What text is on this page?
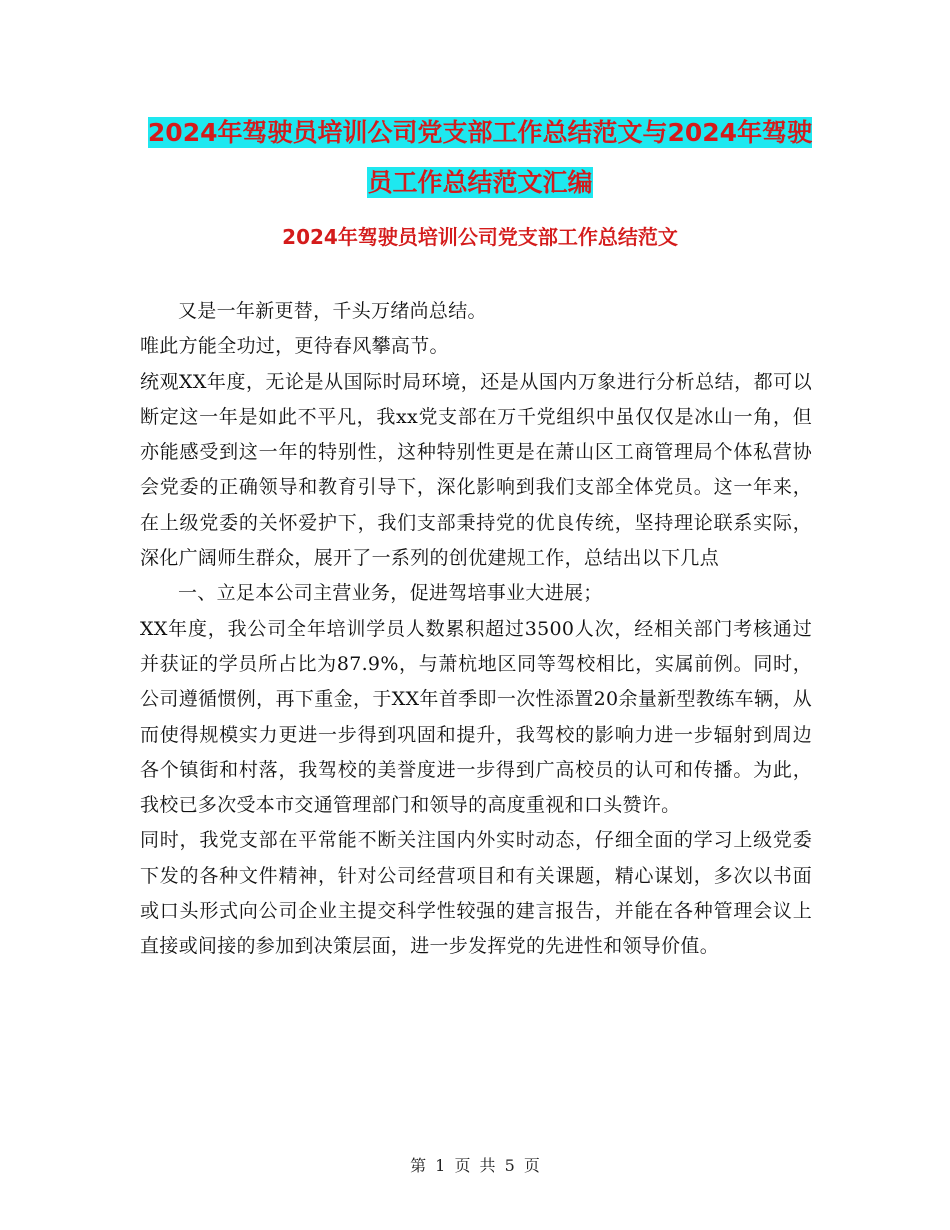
2024年驾驶员培训公司党支部工作总结范文与2024年驾驶员工作总结范文汇编
2024年驾驶员培训公司党支部工作总结范文

又是一年新更替，千头万绪尚总结。

唯此方能全功过，更待春风攀高节。

统观XX年度，无论是从国际时局环境，还是从国内万象进行分析总结，都可以断定这一年是如此不平凡，我xx党支部在万千党组织中虽仅仅是冰山一角，但亦能感受到这一年的特别性，这种特别性更是在萧山区工商管理局个体私营协会党委的正确领导和教育引导下，深化影响到我们支部全体党员。这一年来，在上级党委的关怀爱护下，我们支部秉持党的优良传统，坚持理论联系实际，深化广阔师生群众，展开了一系列的创优建规工作，总结出以下几点

一、立足本公司主营业务，促进驾培事业大进展；

XX年度，我公司全年培训学员人数累积超过3500人次，经相关部门考核通过并获证的学员所占比为87.9%，与萧杭地区同等驾校相比，实属前例。同时，公司遵循惯例，再下重金，于XX年首季即一次性添置20余量新型教练车辆，从而使得规模实力更进一步得到巩固和提升，我驾校的影响力进一步辐射到周边各个镇街和村落，我驾校的美誉度进一步得到广高校员的认可和传播。为此，我校已多次受本市交通管理部门和领导的高度重视和口头赞许。

同时，我党支部在平常能不断关注国内外实时动态，仔细全面的学习上级党委下发的各种文件精神，针对公司经营项目和有关课题，精心谋划，多次以书面或口头形式向公司企业主提交科学性较强的建言报告，并能在各种管理会议上直接或间接的参加到决策层面，进一步发挥党的先进性和领导价值。

第 1 页 共 5 页
